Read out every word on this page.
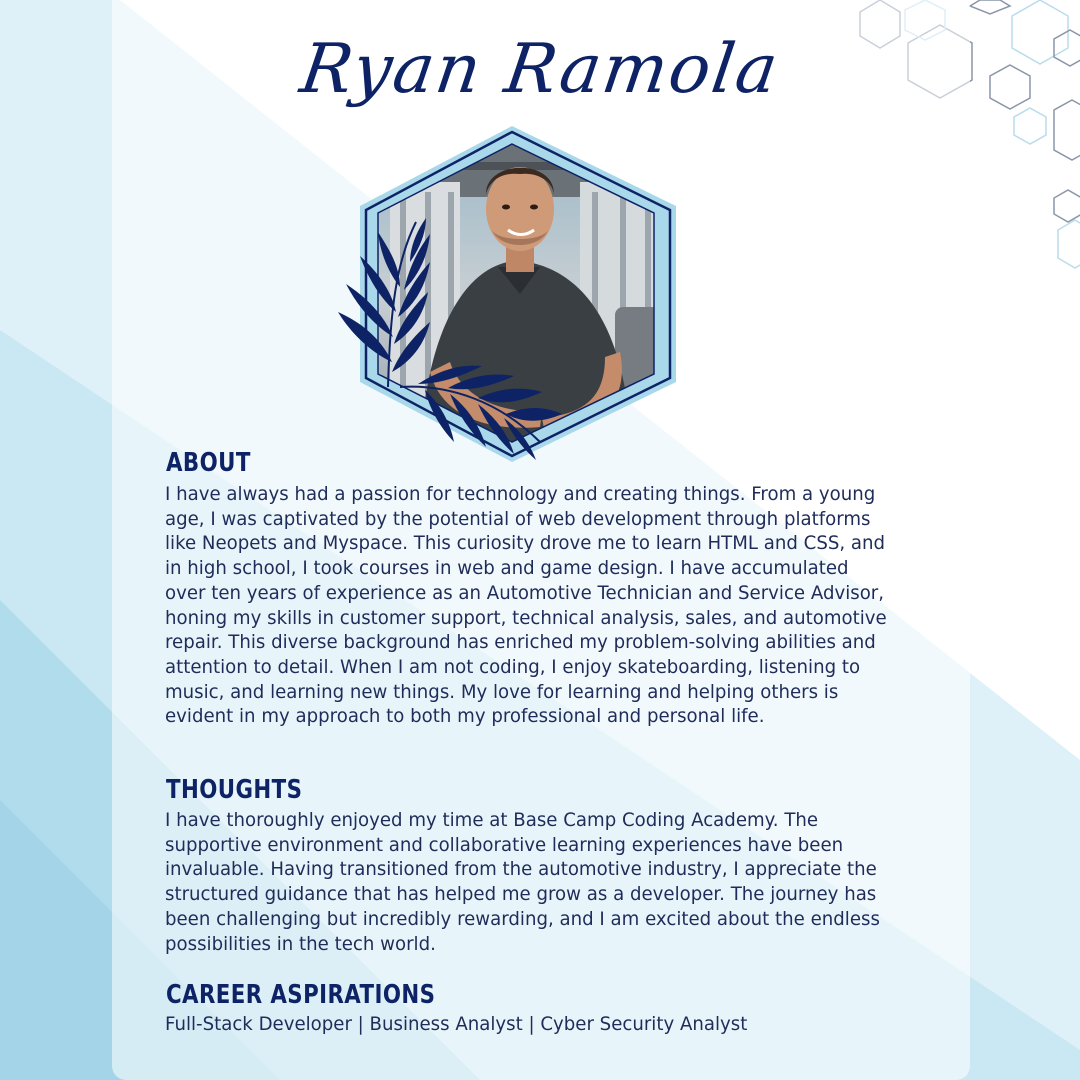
Ryan Ramola
ABOUT
I have always had a passion for technology and creating things. From a young age, I was captivated by the potential of web development through platforms like Neopets and Myspace. This curiosity drove me to learn HTML and CSS, and in high school, I took courses in web and game design. I have accumulated over ten years of experience as an Automotive Technician and Service Advisor, honing my skills in customer support, technical analysis, sales, and automotive repair. This diverse background has enriched my problem-solving abilities and attention to detail. When I am not coding, I enjoy skateboarding, listening to music, and learning new things. My love for learning and helping others is evident in my approach to both my professional and personal life.
THOUGHTS
I have thoroughly enjoyed my time at Base Camp Coding Academy. The supportive environment and collaborative learning experiences have been invaluable. Having transitioned from the automotive industry, I appreciate the structured guidance that has helped me grow as a developer. The journey has been challenging but incredibly rewarding, and I am excited about the endless possibilities in the tech world.
CAREER ASPIRATIONS
Full-Stack Developer | Business Analyst | Cyber Security Analyst
